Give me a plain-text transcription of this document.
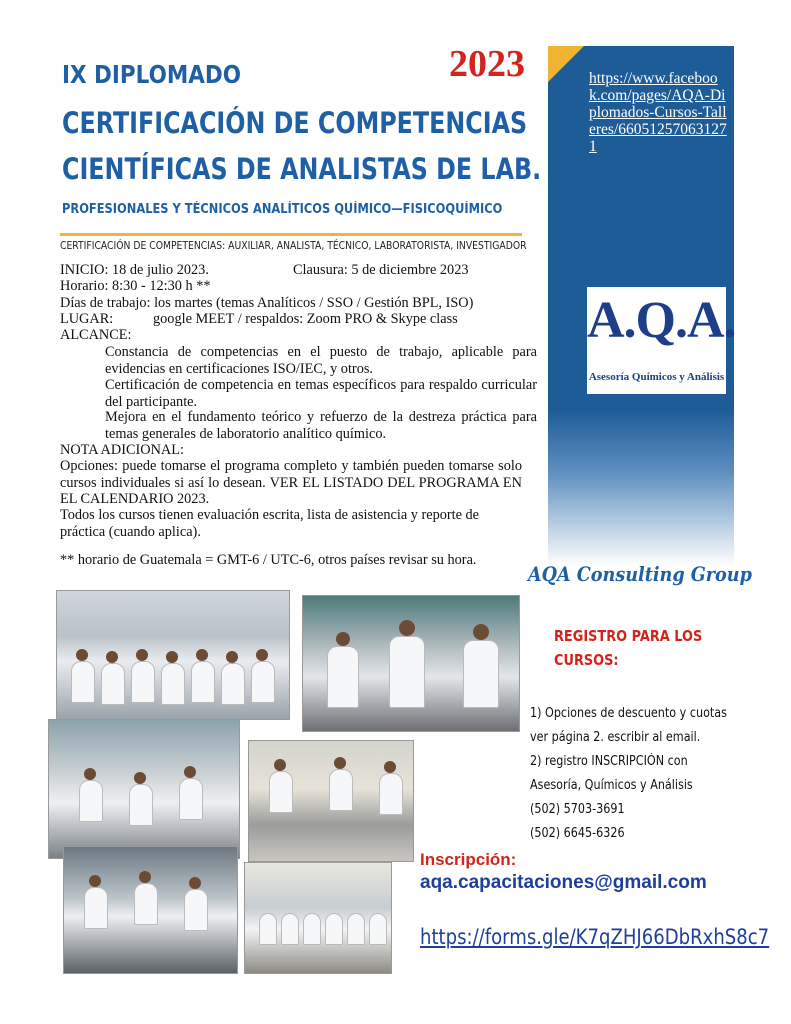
IX DIPLOMADO
CERTIFICACIÓN DE COMPETENCIAS
CIENTÍFICAS DE ANALISTAS DE LAB.
PROFESIONALES Y TÉCNICOS ANALÍTICOS QUÍMICO—FISICOQUÍMICO
2023
CERTIFICACIÓN DE COMPETENCIAS: AUXILIAR, ANALISTA, TÉCNICO, LABORATORISTA, INVESTIGADOR
INICIO: 18 de julio 2023.	Clausura: 5 de diciembre 2023
Horario: 8:30 - 12:30 h **
Días de trabajo: los martes (temas Analíticos / SSO / Gestión BPL, ISO)
LUGAR:	google MEET / respaldos: Zoom PRO & Skype class
ALCANCE:
Constancia de competencias en el puesto de trabajo, aplicable para evidencias en certificaciones ISO/IEC, y otros.
Certificación de competencia en temas específicos para respaldo curricular del participante.
Mejora en el fundamento teórico y refuerzo de la destreza práctica para temas generales de laboratorio analítico químico.
NOTA ADICIONAL:
Opciones: puede tomarse el programa completo y también pueden tomarse solo cursos individuales si así lo desean. VER EL LISTADO DEL PROGRAMA EN EL CALENDARIO 2023.
Todos los cursos tienen evaluación escrita, lista de asistencia y reporte de práctica (cuando aplica).
** horario de Guatemala = GMT-6 / UTC-6, otros países revisar su hora.
https://www.facebook.com/pages/AQA-Diplomados-Cursos-Talleres/660512570631271
A.Q.A.
Asesoría Químicos y Análisis
AQA Consulting Group
REGISTRO PARA LOS
CURSOS:
1) Opciones de descuento y cuotas
ver página 2. escribir al email.
2) registro INSCRIPCIÓN con
Asesoría, Químicos y Análisis
(502) 5703-3691
(502) 6645-6326
Inscripción:
aqa.capacitaciones@gmail.com
https://forms.gle/K7qZHJ66DbRxhS8c7
